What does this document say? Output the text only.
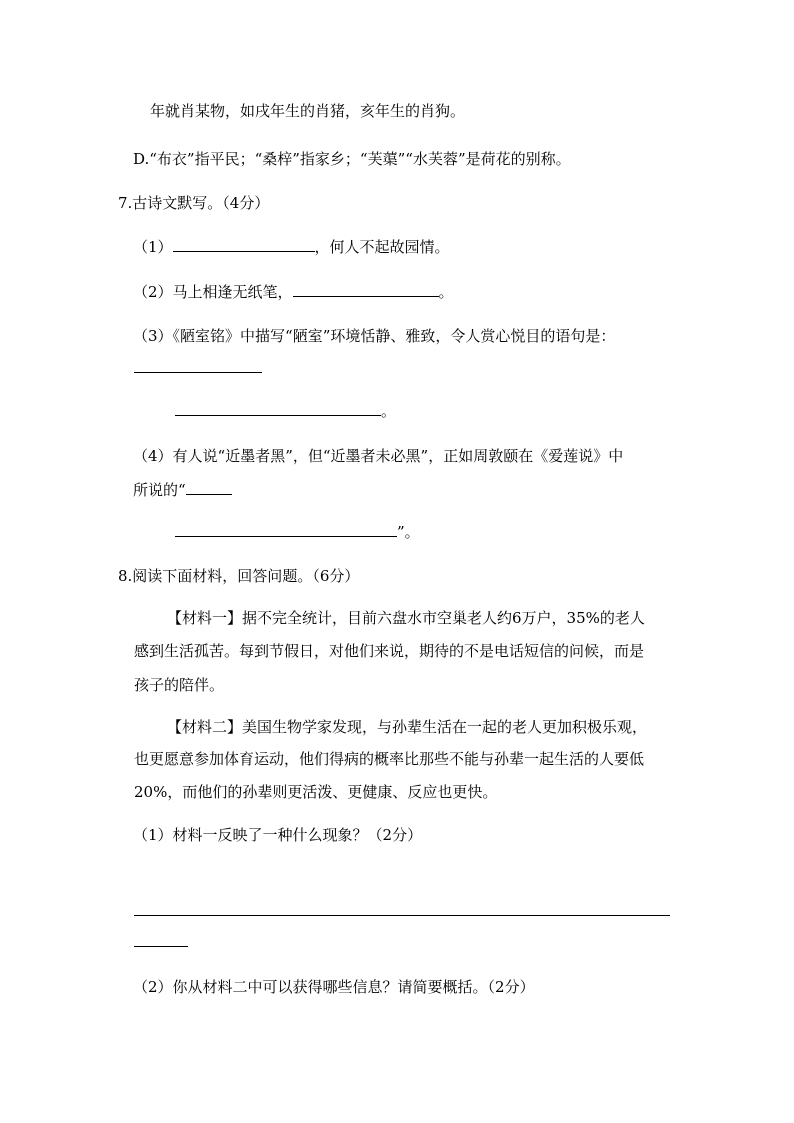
年就肖某物，如戌年生的肖猪，亥年生的肖狗。
D.“布衣”指平民；“桑梓”指家乡；“芙蕖”“水芙蓉”是荷花的别称。
7.古诗文默写。（4分）
（1）	，何人不起故园情。
（2）马上相逢无纸笔，	。
（3）《陋室铭》中描写“陋室”环境恬静、雅致，令人赏心悦目的语句是：
。
（4）有人说“近墨者黑”，但“近墨者未必黑”，正如周敦颐在《爱莲说》中
所说的“
”。
8.阅读下面材料，回答问题。（6分）
【材料一】据不完全统计，目前六盘水市空巢老人约6万户，35%的老人
感到生活孤苦。每到节假日，对他们来说，期待的不是电话短信的问候，而是
孩子的陪伴。
【材料二】美国生物学家发现，与孙辈生活在一起的老人更加积极乐观，
也更愿意参加体育运动，他们得病的概率比那些不能与孙辈一起生活的人要低
20%，而他们的孙辈则更活泼、更健康、反应也更快。
（1）材料一反映了一种什么现象？（2分）
（2）你从材料二中可以获得哪些信息？请简要概括。（2分）
